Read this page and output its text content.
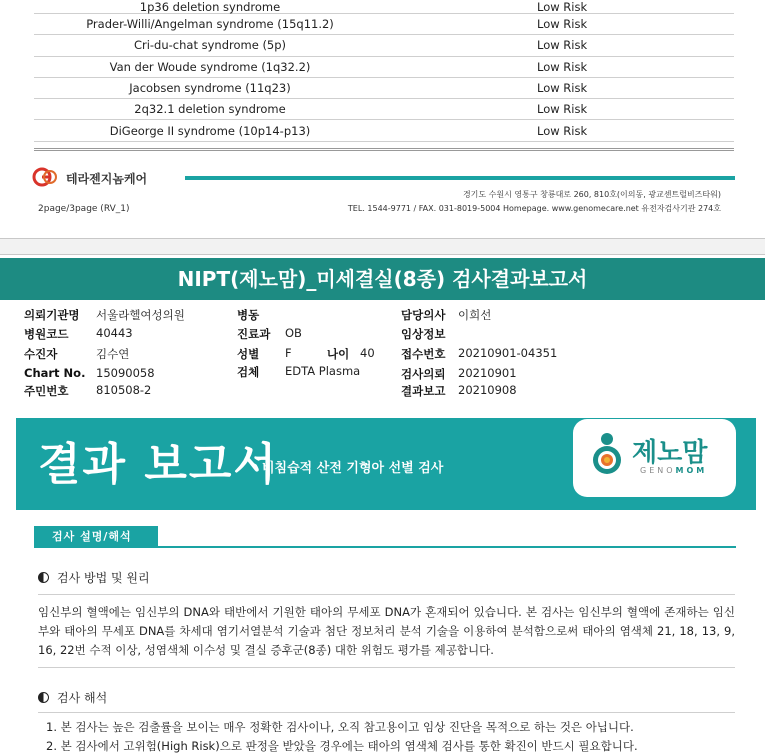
1p36 deletion syndrome	Low Risk
Prader-Willi/Angelman syndrome (15q11.2)	Low Risk
Cri-du-chat syndrome (5p)	Low Risk
Van der Woude syndrome (1q32.2)	Low Risk
Jacobsen syndrome (11q23)	Low Risk
2q32.1 deletion syndrome	Low Risk
DiGeorge II syndrome (10p14-p13)	Low Risk
테라젠지놈케어
경기도 수원시 영통구 창룡대로 260, 810호(이의동, 광교센트럴비즈타워)
TEL. 1544-9771 / FAX. 031-8019-5004 Homepage. www.genomecare.net 유전자검사기관 274호
2page/3page (RV_1)
NIPT(제노맘)_미세결실(8종) 검사결과보고서
의뢰기관명 서울라헬여성의원
병원코드 40443
수진자	김수연
Chart No. 15090058
주민번호 810508-2
병동
진료과 OB
성별 F	나이 40
검체 EDTA Plasma
담당의사 이희선
임상정보
접수번호 20210901-04351
검사의뢰 20210901
결과보고 20210908
결과 보고서
비침습적 산전 기형아 선별 검사
제노맘
GENOMOM
검사 설명/해석
검사 방법 및 원리
임신부의 혈액에는 임신부의 DNA와 태반에서 기원한 태아의 무세포 DNA가 혼재되어 있습니다. 본 검사는 임신부의 혈액에 존재하는 임신부와 태아의 무세포 DNA를 차세대 염기서열분석 기술과 첨단 정보처리 분석 기술을 이용하여 분석함으로써 태아의 염색체 21, 18, 13, 9, 16, 22번 수적 이상, 성염색체 이수성 및 결실 증후군(8종) 대한 위험도 평가를 제공합니다.
검사 해석
1. 본 검사는 높은 검출률을 보이는 매우 정확한 검사이나, 오직 참고용이고 임상 진단을 목적으로 하는 것은 아닙니다.
2. 본 검사에서 고위험(High Risk)으로 판정을 받았을 경우에는 태아의 염색체 검사를 통한 확진이 반드시 필요합니다.
